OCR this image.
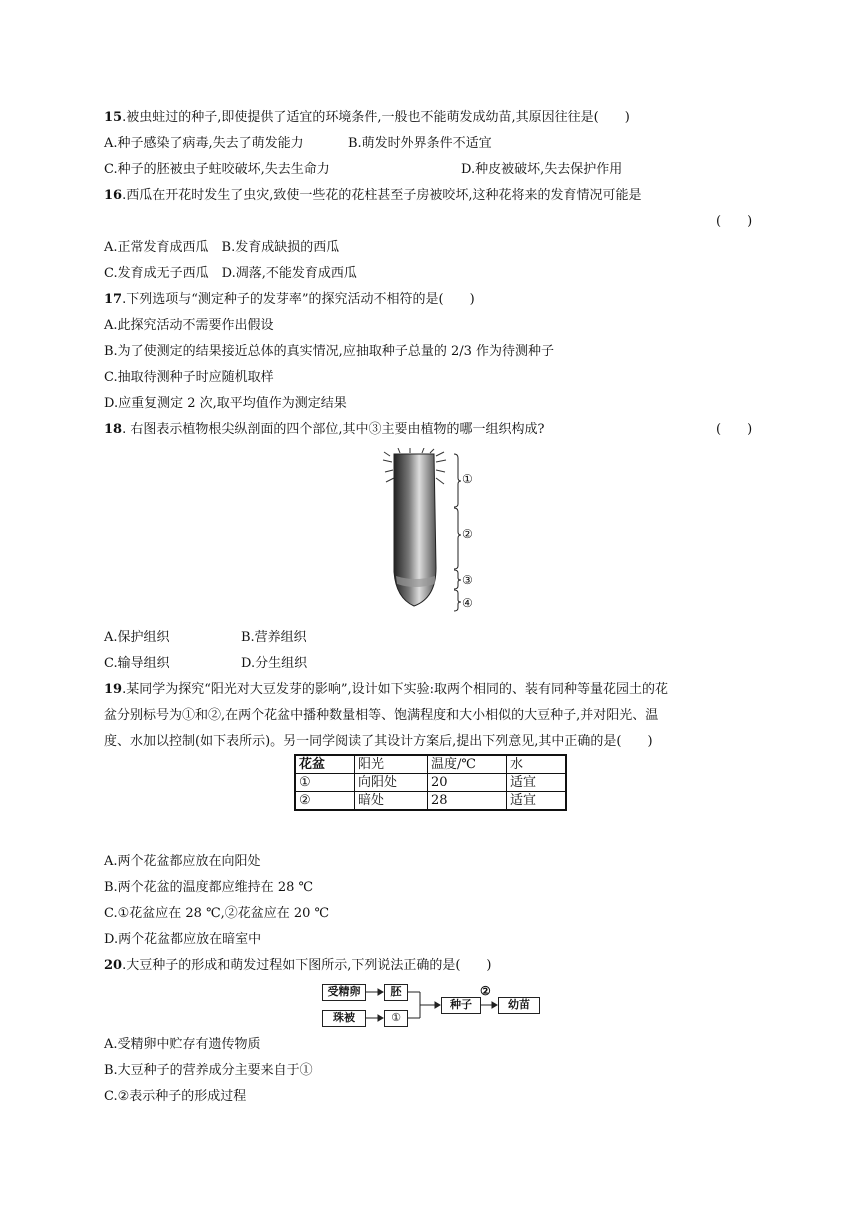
15.被虫蛀过的种子,即使提供了适宜的环境条件,一般也不能萌发成幼苗,其原因往往是(　　)
A.种子感染了病毒,失去了萌发能力	B.萌发时外界条件不适宜
C.种子的胚被虫子蛀咬破坏,失去生命力	D.种皮被破坏,失去保护作用
16.西瓜在开花时发生了虫灾,致使一些花的花柱甚至子房被咬坏,这种花将来的发育情况可能是
(　　)
A.正常发育成西瓜　B.发育成缺损的西瓜
C.发育成无子西瓜　D.凋落,不能发育成西瓜
17.下列选项与“测定种子的发芽率”的探究活动不相符的是(　　)
A.此探究活动不需要作出假设
B.为了使测定的结果接近总体的真实情况,应抽取种子总量的 2/3 作为待测种子
C.抽取待测种子时应随机取样
D.应重复测定 2 次,取平均值作为测定结果
18. 右图表示植物根尖纵剖面的四个部位,其中③主要由植物的哪一组织构成?	(　　)
①
②
③
④
A.保护组织	B.营养组织
C.输导组织	D.分生组织
19.某同学为探究“阳光对大豆发芽的影响”,设计如下实验:取两个相同的、装有同种等量花园土的花
盆分别标号为①和②,在两个花盆中播种数量相等、饱满程度和大小相似的大豆种子,并对阳光、温
度、水加以控制(如下表所示)。另一同学阅读了其设计方案后,提出下列意见,其中正确的是(　　)
花盆	阳光	温度/℃	水
①	向阳处	20	适宜
②	暗处	28	适宜
A.两个花盆都应放在向阳处
B.两个花盆的温度都应维持在 28 ℃
C.①花盆应在 28 ℃,②花盆应在 20 ℃
D.两个花盆都应放在暗室中
20.大豆种子的形成和萌发过程如下图所示,下列说法正确的是(　　)
受精卵	胚
珠被	①
种子
②
幼苗
A.受精卵中贮存有遗传物质
B.大豆种子的营养成分主要来自于①
C.②表示种子的形成过程
